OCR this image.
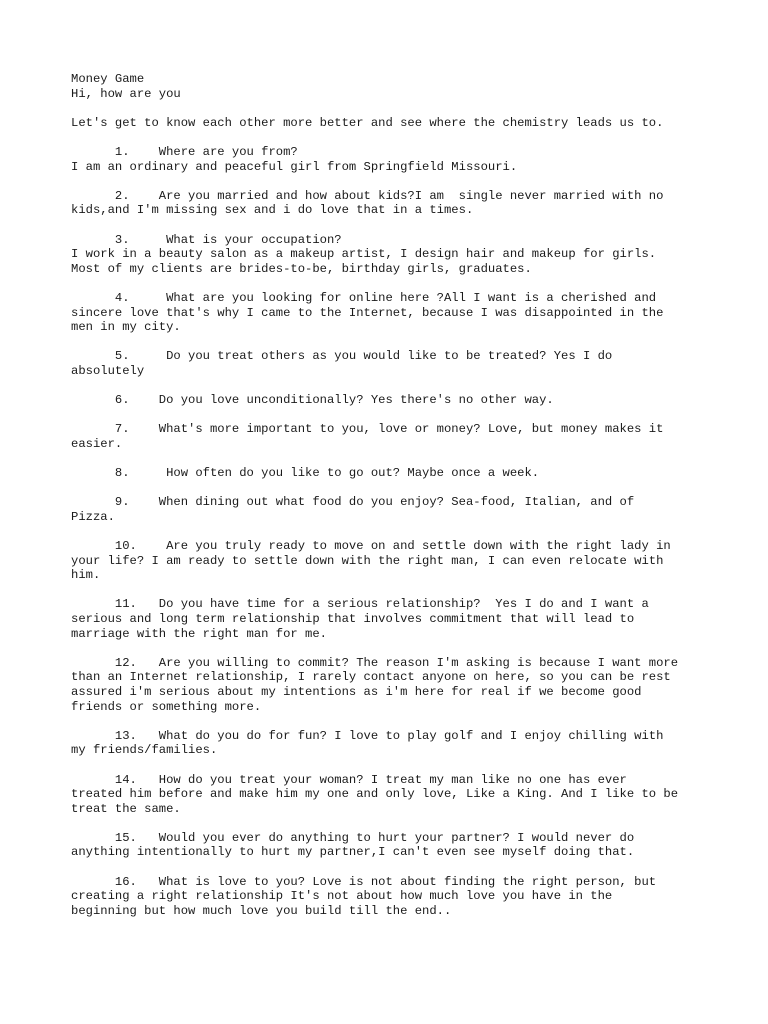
Money Game
Hi, how are you
Let's get to know each other more better and see where the chemistry leads us to.
1.    Where are you from?
I am an ordinary and peaceful girl from Springfield Missouri.
2.    Are you married and how about kids?I am  single never married with no
kids,and I'm missing sex and i do love that in a times.
3.     What is your occupation?
I work in a beauty salon as a makeup artist, I design hair and makeup for girls.
Most of my clients are brides-to-be, birthday girls, graduates.
4.     What are you looking for online here ?All I want is a cherished and
sincere love that's why I came to the Internet, because I was disappointed in the
men in my city.
5.     Do you treat others as you would like to be treated? Yes I do
absolutely
6.    Do you love unconditionally? Yes there's no other way.
7.    What's more important to you, love or money? Love, but money makes it
easier.
8.     How often do you like to go out? Maybe once a week.
9.    When dining out what food do you enjoy? Sea-food, Italian, and of
Pizza.
10.    Are you truly ready to move on and settle down with the right lady in
your life? I am ready to settle down with the right man, I can even relocate with
him.
11.   Do you have time for a serious relationship?  Yes I do and I want a
serious and long term relationship that involves commitment that will lead to
marriage with the right man for me.
12.   Are you willing to commit? The reason I'm asking is because I want more
than an Internet relationship, I rarely contact anyone on here, so you can be rest
assured i'm serious about my intentions as i'm here for real if we become good
friends or something more.
13.   What do you do for fun? I love to play golf and I enjoy chilling with
my friends/families.
14.   How do you treat your woman? I treat my man like no one has ever
treated him before and make him my one and only love, Like a King. And I like to be
treat the same.
15.   Would you ever do anything to hurt your partner? I would never do
anything intentionally to hurt my partner,I can't even see myself doing that.
16.   What is love to you? Love is not about finding the right person, but
creating a right relationship It's not about how much love you have in the
beginning but how much love you build till the end..
